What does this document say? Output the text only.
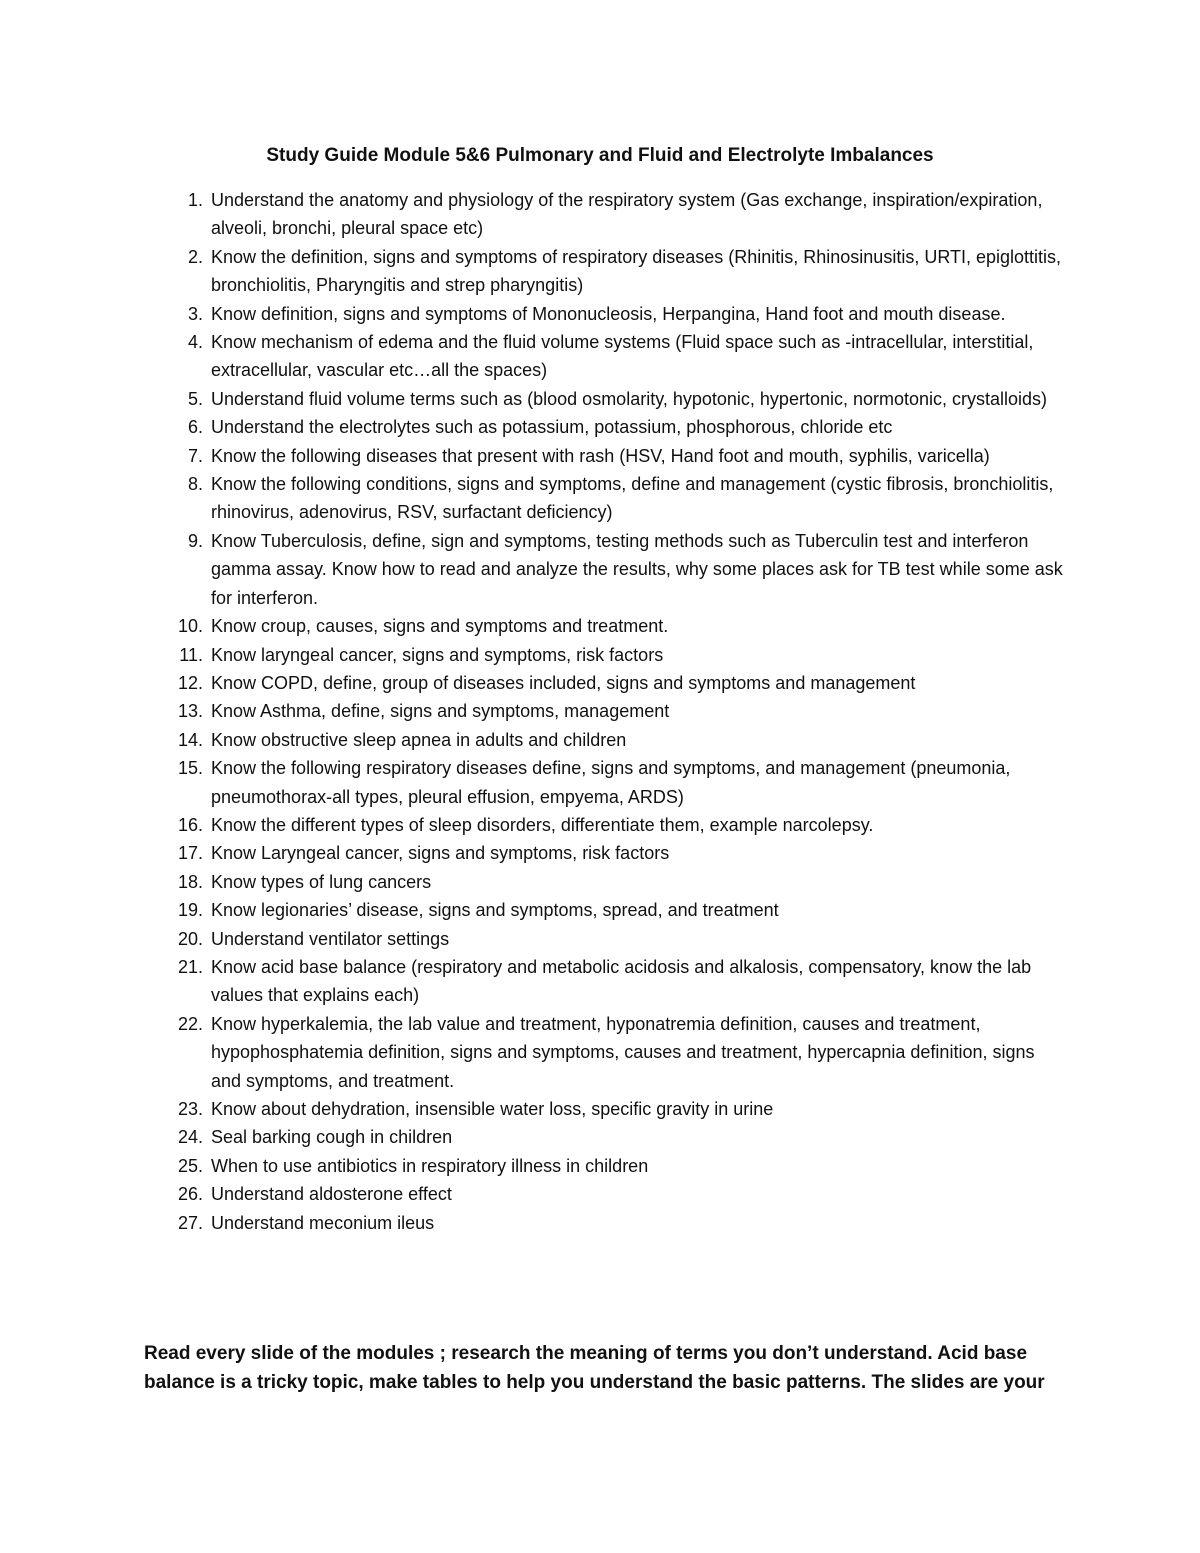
Study Guide Module 5&6 Pulmonary and Fluid and Electrolyte Imbalances
1 . Understand the anatomy and physiology of the respiratory system (Gas exchange, inspiration/expiration, alveoli, bronchi, pleural space etc)
2 . Know the definition, signs and symptoms of respiratory diseases (Rhinitis, Rhinosinusitis, URTI, epiglottitis, bronchiolitis, Pharyngitis and strep pharyngitis)
3 . Know definition, signs and symptoms of Mononucleosis, Herpangina, Hand foot and mouth disease.
4 . Know mechanism of edema and the fluid volume systems (Fluid space such as -intracellular, interstitial, extracellular, vascular etc…all the spaces)
5 . Understand fluid volume terms such as (blood osmolarity, hypotonic, hypertonic, normotonic, crystalloids)
6 . Understand the electrolytes such as potassium, potassium, phosphorous, chloride etc
7 . Know the following diseases that present with rash (HSV, Hand foot and mouth, syphilis, varicella)
8 . Know the following conditions, signs and symptoms, define and management (cystic fibrosis, bronchiolitis, rhinovirus, adenovirus, RSV, surfactant deficiency)
9 . Know Tuberculosis, define, sign and symptoms, testing methods such as Tuberculin test and interferon gamma assay. Know how to read and analyze the results, why some places ask for TB test while some ask for interferon.
10 . Know croup, causes, signs and symptoms and treatment.
11 . Know laryngeal cancer, signs and symptoms, risk factors
12 . Know COPD, define, group of diseases included, signs and symptoms and management
13 . Know Asthma, define, signs and symptoms, management
14 . Know obstructive sleep apnea in adults and children
15 . Know the following respiratory diseases define, signs and symptoms, and management (pneumonia, pneumothorax-all types, pleural effusion, empyema, ARDS)
16 . Know the different types of sleep disorders, differentiate them, example narcolepsy.
17 . Know Laryngeal cancer, signs and symptoms, risk factors
18 . Know types of lung cancers
19 . Know legionaries’ disease, signs and symptoms, spread, and treatment
20 . Understand ventilator settings
21 . Know acid base balance (respiratory and metabolic acidosis and alkalosis, compensatory, know the lab values that explains each)
22 . Know hyperkalemia, the lab value and treatment, hyponatremia definition, causes and treatment, hypophosphatemia definition, signs and symptoms, causes and treatment, hypercapnia definition, signs and symptoms, and treatment.
23 . Know about dehydration, insensible water loss, specific gravity in urine
24 . Seal barking cough in children
25 . When to use antibiotics in respiratory illness in children
26 . Understand aldosterone effect
27 . Understand meconium ileus

Read every slide of the modules ; research the meaning of terms you don’t understand. Acid base balance is a tricky topic, make tables to help you understand the basic patterns. The slides are your
